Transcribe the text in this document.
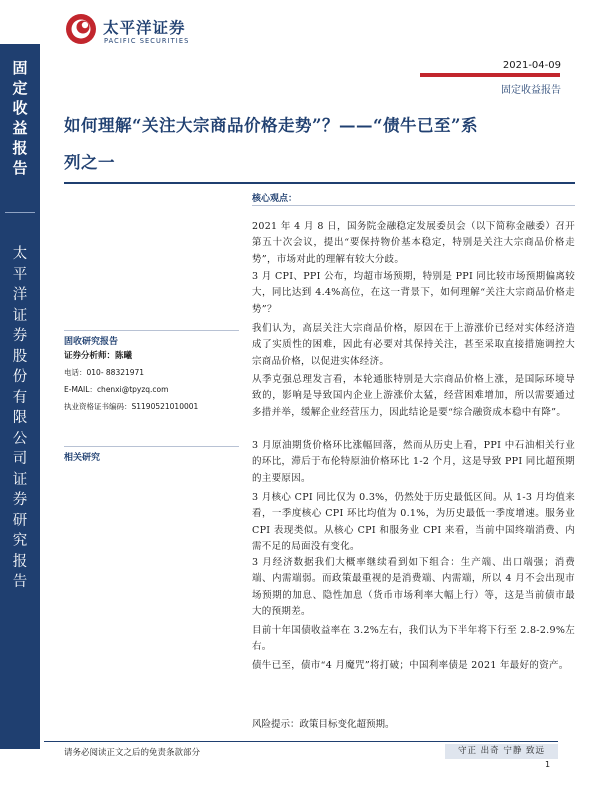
固
定
收
益
报
告
太
平
洋
证
券
股
份
有
限
公
司
证
券
研
究
报
告
太平洋证券
PACIFIC SECURITIES
2021-04-09
固定收益报告
如何理解“关注大宗商品价格走势”？——“债牛已至”系
列之一
固收研究报告
证券分析师：陈曦
电话：010- 88321971
E-MAIL：chenxi@tpyzq.com
执业资格证书编码：S1190521010001
相关研究
核心观点：
2021 年 4 月 8 日，国务院金融稳定发展委员会（以下简称金融委）召开第五十次会议，提出“要保持物价基本稳定，特别是关注大宗商品价格走势”，市场对此的理解有较大分歧。
3 月 CPI、PPI 公布，均超市场预期，特别是 PPI 同比较市场预期偏离较大，同比达到 4.4%高位，在这一背景下，如何理解“关注大宗商品价格走势”？
我们认为，高层关注大宗商品价格，原因在于上游涨价已经对实体经济造成了实质性的困难，因此有必要对其保持关注，甚至采取直接措施调控大宗商品价格，以促进实体经济。
从季克强总理发言看，本轮通胀特别是大宗商品价格上涨，是国际环境导致的，影响是导致国内企业上游涨价太猛，经营困难增加，所以需要通过多措并举，缓解企业经营压力，因此结论是要“综合融资成本稳中有降”。
3 月原油期货价格环比涨幅回落，然而从历史上看，PPI 中石油相关行业的环比，滞后于布伦特原油价格环比 1-2 个月，这是导致 PPI 同比超预期的主要原因。
3 月核心 CPI 同比仅为 0.3%，仍然处于历史最低区间。从 1-3 月均值来看，一季度核心 CPI 环比均值为 0.1%，为历史最低一季度增速。服务业 CPI 表现类似。从核心 CPI 和服务业 CPI 来看，当前中国终端消费、内需不足的局面没有变化。
3 月经济数据我们大概率继续看到如下组合：生产端、出口端强；消费端、内需端弱。而政策最重视的是消费端、内需端，所以 4 月不会出现市场预期的加息、隐性加息（货币市场利率大幅上行）等，这是当前债市最大的预期差。
目前十年国债收益率在 3.2%左右，我们认为下半年将下行至 2.8-2.9%左右。
债牛已至，债市“4 月魔咒”将打破；中国利率债是 2021 年最好的资产。
风险提示：政策目标变化超预期。
请务必阅读正文之后的免责条款部分	守正 出奇 宁静 致远
1
